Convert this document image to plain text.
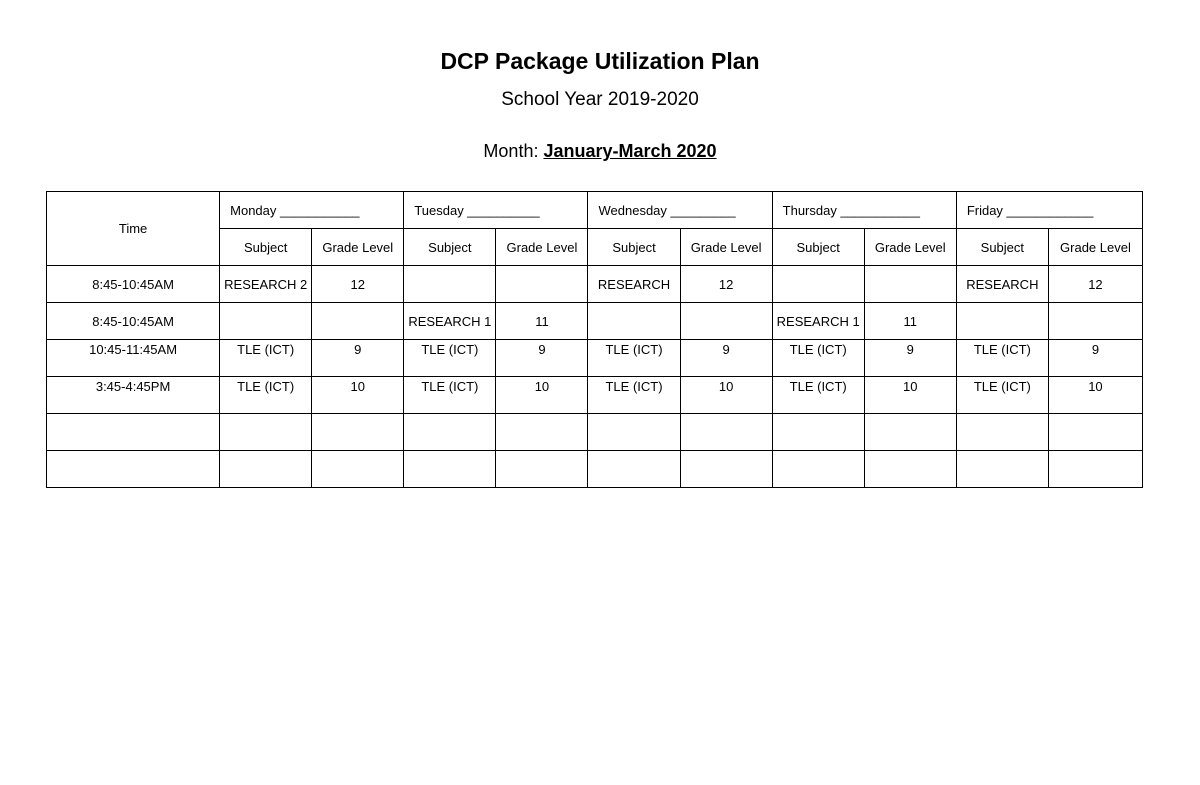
DCP Package Utilization Plan
School Year 2019-2020
Month: January-March 2020
Time	Monday ___________		Tuesday __________		Wednesday _________		Thursday ___________		Friday ____________	
	Subject	Grade Level	Subject	Grade Level	Subject	Grade Level	Subject	Grade Level	Subject	Grade Level
8:45-10:45AM	RESEARCH 2	12			RESEARCH	12			RESEARCH	12
8:45-10:45AM			RESEARCH 1	11			RESEARCH 1	11		
10:45-11:45AM	TLE (ICT)	9	TLE (ICT)	9	TLE (ICT)	9	TLE (ICT)	9	TLE (ICT)	9
3:45-4:45PM	TLE (ICT)	10	TLE (ICT)	10	TLE (ICT)	10	TLE (ICT)	10	TLE (ICT)	10
